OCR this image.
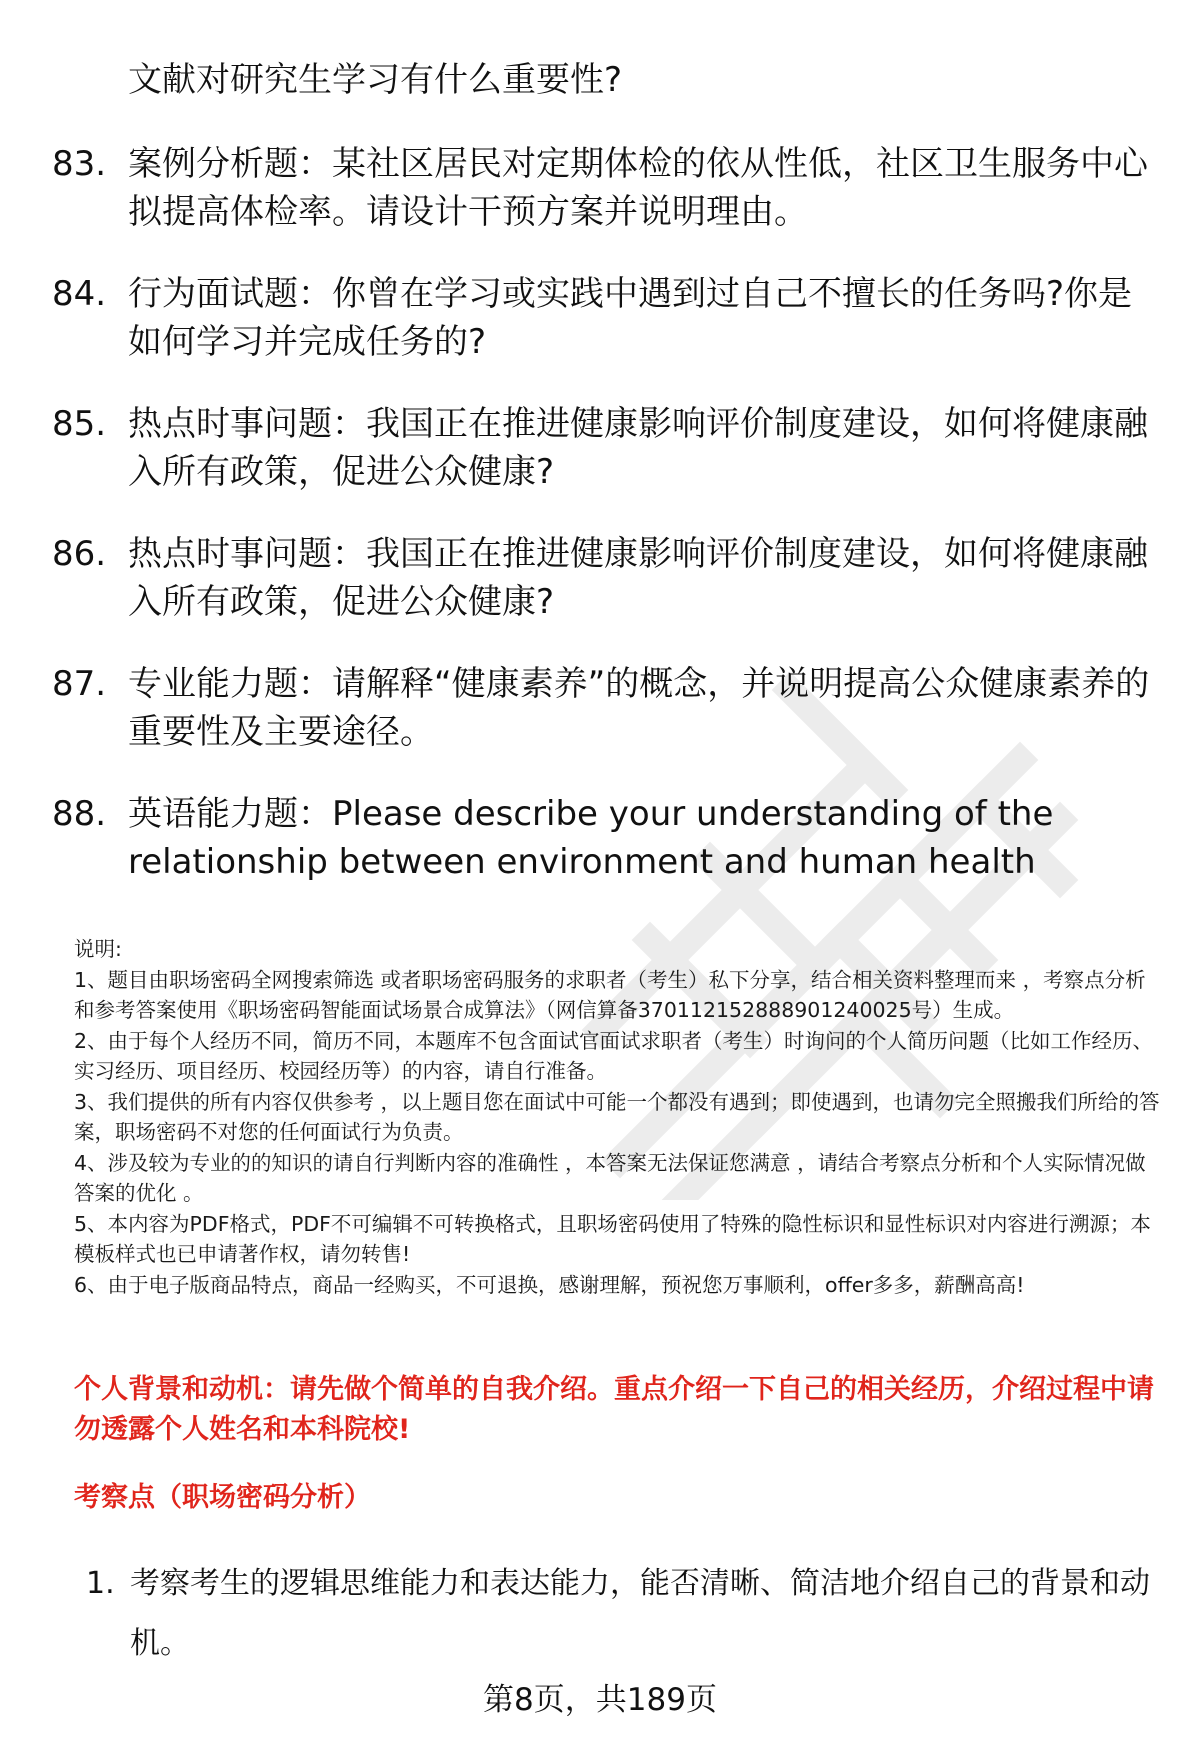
文献对研究生学习有什么重要性?
83. 案例分析题：某社区居民对定期体检的依从性低，社区卫生服务中心拟提高体检率。请设计干预方案并说明理由。
84. 行为面试题：你曾在学习或实践中遇到过自己不擅长的任务吗?你是如何学习并完成任务的?
85. 热点时事问题：我国正在推进健康影响评价制度建设，如何将健康融入所有政策，促进公众健康?
86. 热点时事问题：我国正在推进健康影响评价制度建设，如何将健康融入所有政策，促进公众健康?
87. 专业能力题：请解释“健康素养”的概念，并说明提高公众健康素养的重要性及主要途径。
88. 英语能力题：Please describe your understanding of the relationship between environment and human health

说明:

1、题目由职场密码全网搜索筛选 或者职场密码服务的求职者（考生）私下分享，结合相关资料整理而来 ，考察点分析和参考答案使用《职场密码智能面试场景合成算法》（网信算备370112152888901240025号）生成。

2、由于每个人经历不同，简历不同，本题库不包含面试官面试求职者（考生）时询问的个人简历问题（比如工作经历、实习经历、项目经历、校园经历等）的内容，请自行准备。

3、我们提供的所有内容仅供参考 ，以上题目您在面试中可能一个都没有遇到；即使遇到，也请勿完全照搬我们所给的答案，职场密码不对您的任何面试行为负责。

4、涉及较为专业的的知识的请自行判断内容的准确性 ，本答案无法保证您满意 ，请结合考察点分析和个人实际情况做答案的优化 。

5、本内容为PDF格式，PDF不可编辑不可转换格式，且职场密码使用了特殊的隐性标识和显性标识对内容进行溯源；本模板样式也已申请著作权，请勿转售!

6、由于电子版商品特点，商品一经购买，不可退换，感谢理解，预祝您万事顺利，offer多多，薪酬高高!

个人背景和动机：请先做个简单的自我介绍。重点介绍一下自己的相关经历，介绍过程中请勿透露个人姓名和本科院校!
考察点（职场密码分析）
1. 考察考生的逻辑思维能力和表达能力，能否清晰、简洁地介绍自己的背景和动机。
第8页，共189页
